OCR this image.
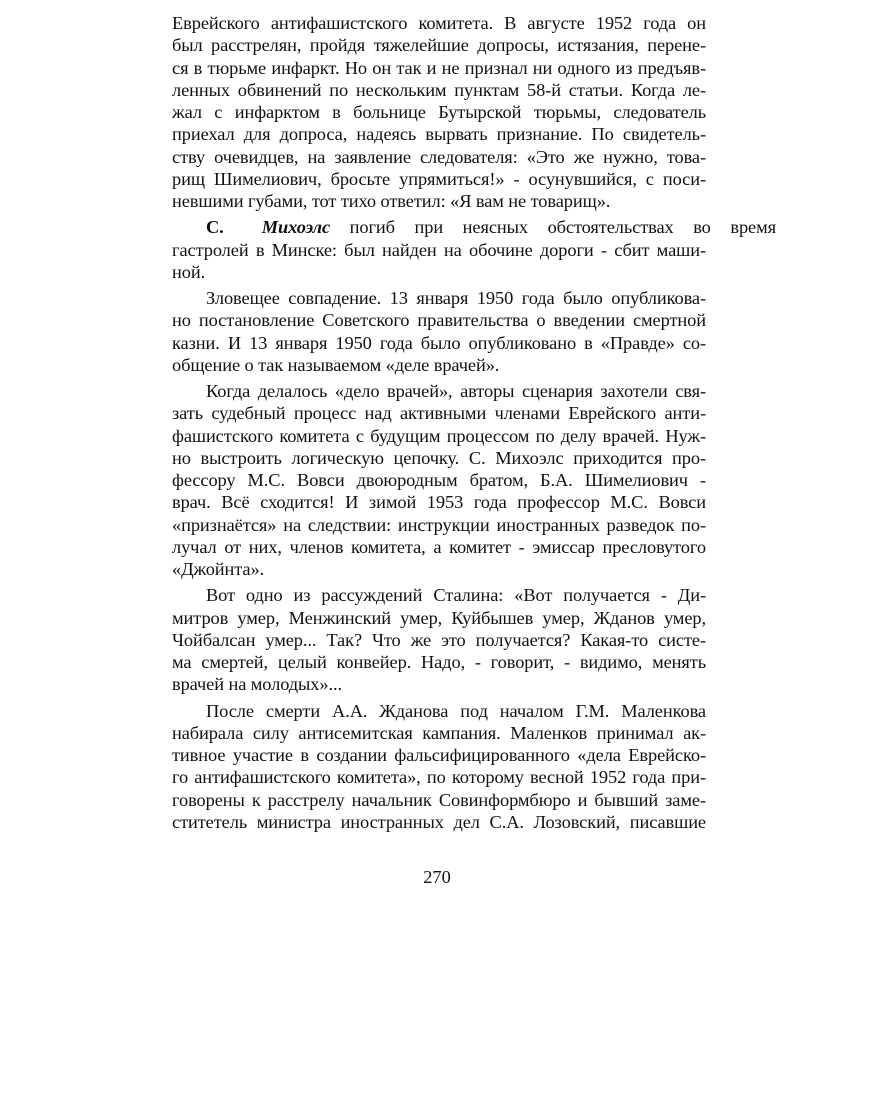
Еврейского антифашистского комитета. В августе 1952 года он
был расстрелян, пройдя тяжелейшие допросы, истязания, перене-
ся в тюрьме инфаркт. Но он так и не признал ни одного из предъяв-
ленных обвинений по нескольким пунктам 58-й статьи. Когда ле-
жал с инфарктом в больнице Бутырской тюрьмы, следователь
приехал для допроса, надеясь вырвать признание. По свидетель-
ству очевидцев, на заявление следователя: «Это же нужно, това-
рищ Шимелиович, бросьте упрямиться!» - осунувшийся, с поси-
невшими губами, тот тихо ответил: «Я вам не товарищ».
С. Михоэлс погиб при неясных обстоятельствах во время
гастролей в Минске: был найден на обочине дороги - сбит маши-
ной.
Зловещее совпадение. 13 января 1950 года было опубликова-
но постановление Советского правительства о введении смертной
казни. И 13 января 1950 года было опубликовано в «Правде» со-
общение о так называемом «деле врачей».
Когда делалось «дело врачей», авторы сценария захотели свя-
зать судебный процесс над активными членами Еврейского анти-
фашистского комитета с будущим процессом по делу врачей. Нуж-
но выстроить логическую цепочку. С. Михоэлс приходится про-
фессору М.С. Вовси двоюродным братом, Б.А. Шимелиович -
врач. Всё сходится! И зимой 1953 года профессор М.С. Вовси
«признаётся» на следствии: инструкции иностранных разведок по-
лучал от них, членов комитета, а комитет - эмиссар пресловутого
«Джойнта».
Вот одно из рассуждений Сталина: «Вот получается - Ди-
митров умер, Менжинский умер, Куйбышев умер, Жданов умер,
Чойбалсан умер... Так? Что же это получается? Какая-то систе-
ма смертей, целый конвейер. Надо, - говорит, - видимо, менять
врачей на молодых»...
После смерти А.А. Жданова под началом Г.М. Маленкова
набирала силу антисемитская кампания. Маленков принимал ак-
тивное участие в создании фальсифицированного «дела Еврейско-
го антифашистского комитета», по которому весной 1952 года при-
говорены к расстрелу начальник Совинформбюро и бывший заме-
ститетель министра иностранных дел С.А. Лозовский, писавшие
270
